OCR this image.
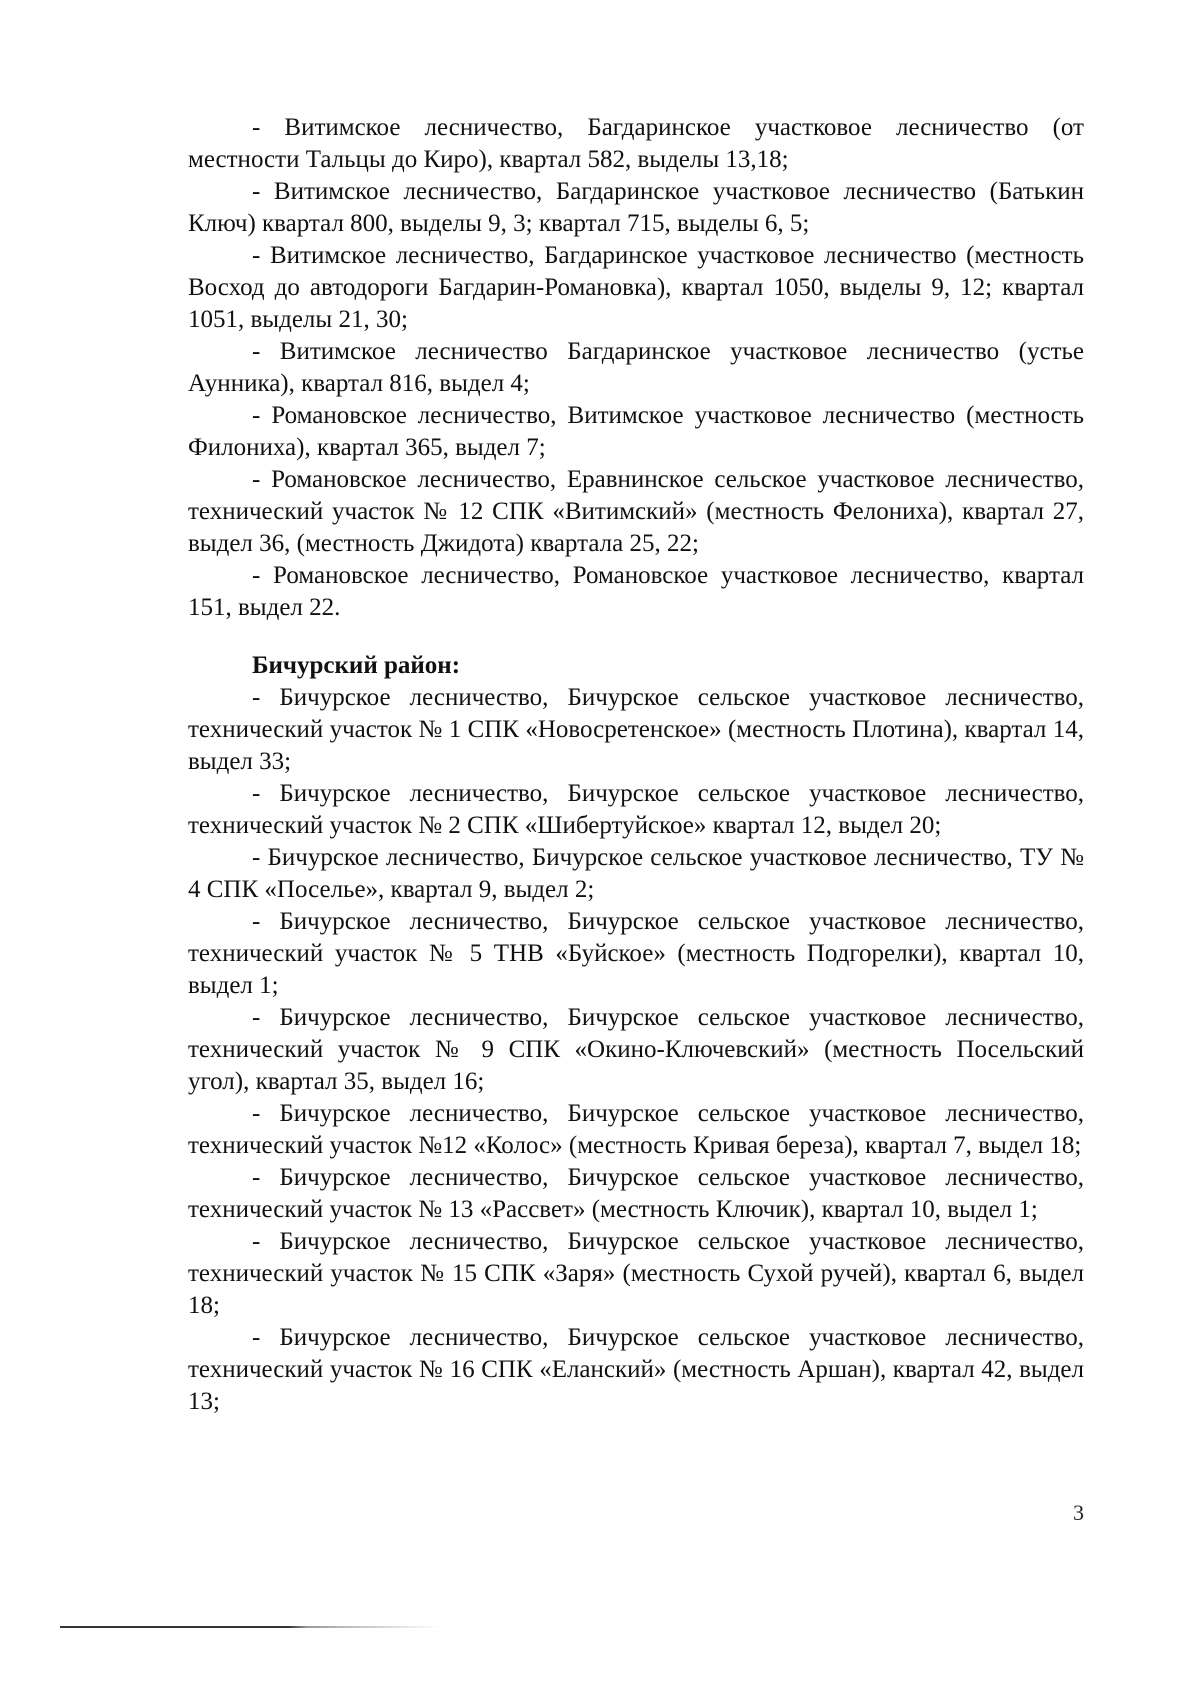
- Витимское лесничество, Багдаринское участковое лесничество (от местности Тальцы до Киро), квартал 582, выделы 13,18;

- Витимское лесничество, Багдаринское участковое лесничество (Батькин Ключ) квартал 800, выделы 9, 3; квартал 715, выделы 6, 5;

- Витимское лесничество, Багдаринское участковое лесничество (местность Восход до автодороги Багдарин-Романовка), квартал 1050, выделы 9, 12; квартал 1051, выделы 21, 30;

- Витимское лесничество Багдаринское участковое лесничество (устье Аунника), квартал 816, выдел 4;

- Романовское лесничество, Витимское участковое лесничество (местность Филониха), квартал 365, выдел 7;

- Романовское лесничество, Еравнинское сельское участковое лесничество, технический участок № 12 СПК «Витимский» (местность Фелониха), квартал 27, выдел 36, (местность Джидота) квартала 25, 22;

- Романовское лесничество, Романовское участковое лесничество, квартал 151, выдел 22.

Бичурский район:

- Бичурское лесничество, Бичурское сельское участковое лесничество, технический участок № 1 СПК «Новосретенское» (местность Плотина), квартал 14, выдел 33;

- Бичурское лесничество, Бичурское сельское участковое лесничество, технический участок № 2 СПК «Шибертуйское» квартал 12, выдел 20;

- Бичурское лесничество, Бичурское сельское участковое лесничество, ТУ № 4 СПК «Поселье», квартал 9, выдел 2;

- Бичурское лесничество, Бичурское сельское участковое лесничество, технический участок № 5 ТНВ «Буйское» (местность Подгорелки), квартал 10, выдел 1;

- Бичурское лесничество, Бичурское сельское участковое лесничество, технический участок № 9 СПК «Окино-Ключевский» (местность Посельский угол), квартал 35, выдел 16;

- Бичурское лесничество, Бичурское сельское участковое лесничество, технический участок №12 «Колос» (местность Кривая береза), квартал 7, выдел 18;

- Бичурское лесничество, Бичурское сельское участковое лесничество, технический участок № 13 «Рассвет» (местность Ключик), квартал 10, выдел 1;

- Бичурское лесничество, Бичурское сельское участковое лесничество, технический участок № 15 СПК «Заря» (местность Сухой ручей), квартал 6, выдел 18;

- Бичурское лесничество, Бичурское сельское участковое лесничество, технический участок № 16 СПК «Еланский» (местность Аршан), квартал 42, выдел 13;

3
